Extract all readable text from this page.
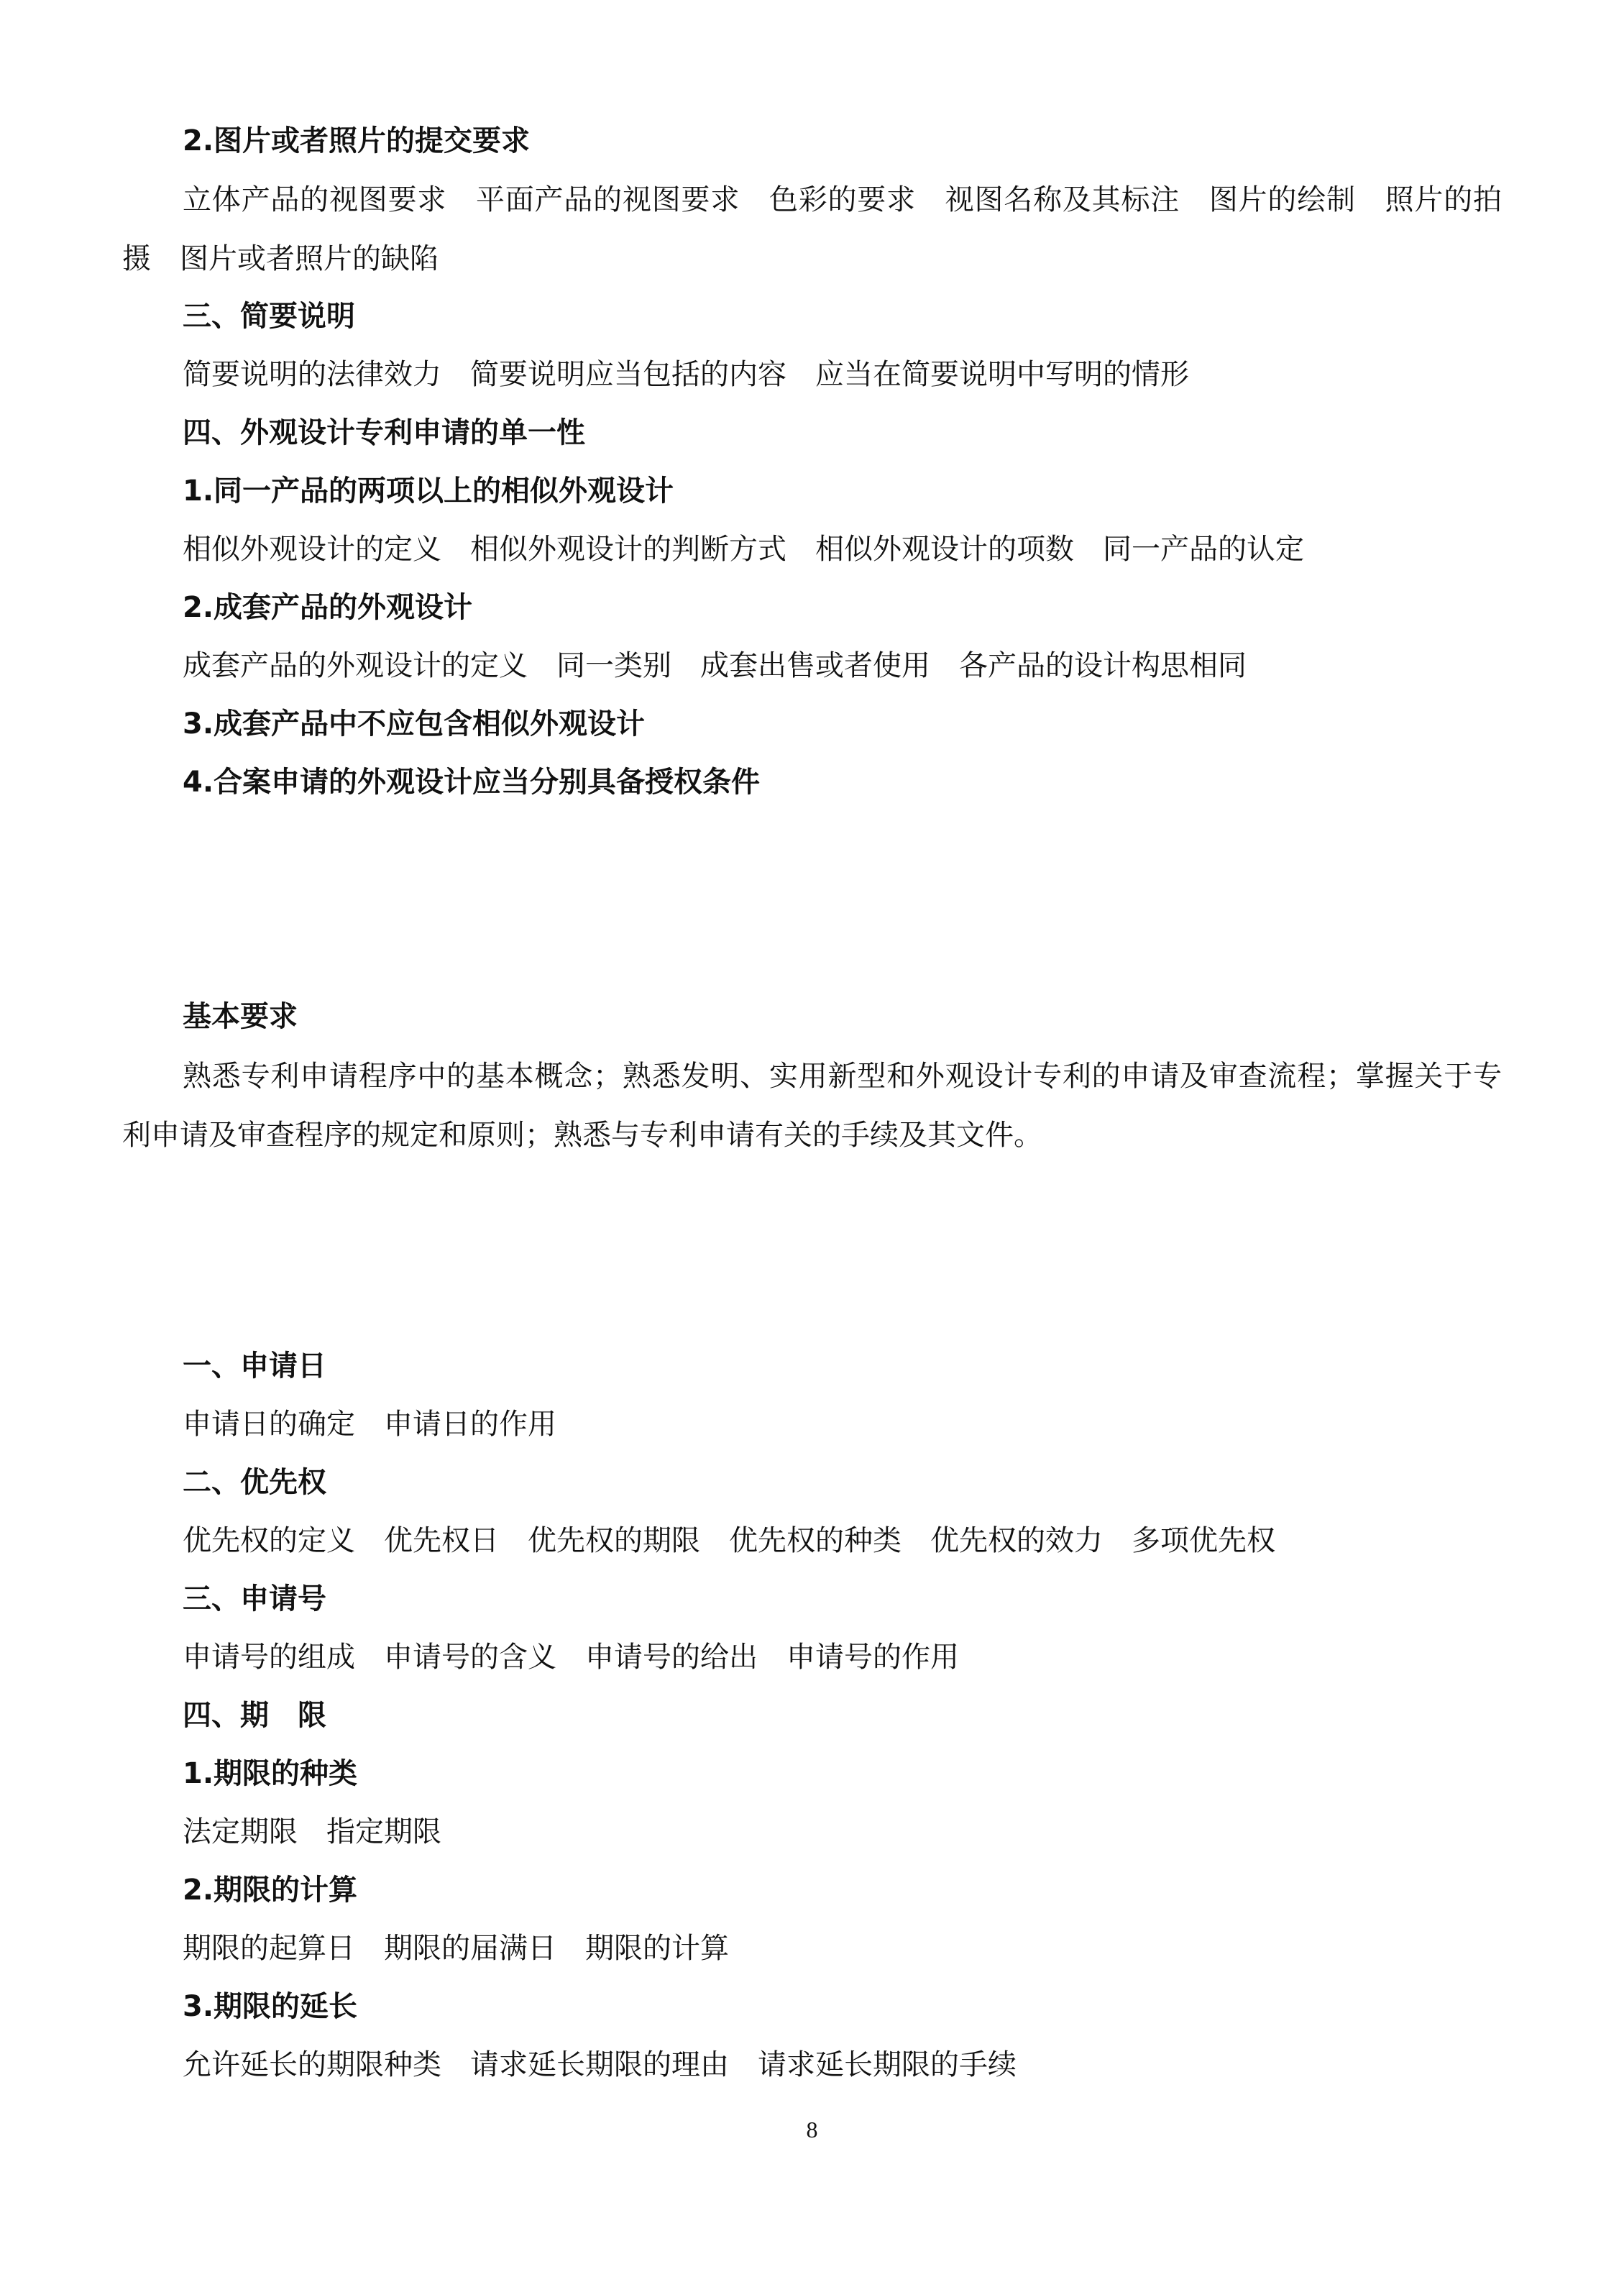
2.图片或者照片的提交要求
立体产品的视图要求　平面产品的视图要求　色彩的要求　视图名称及其标注　图片的绘制　照片的拍摄　图片或者照片的缺陷
三、简要说明
简要说明的法律效力　简要说明应当包括的内容　应当在简要说明中写明的情形
四、外观设计专利申请的单一性
1.同一产品的两项以上的相似外观设计
相似外观设计的定义　相似外观设计的判断方式　相似外观设计的项数　同一产品的认定
2.成套产品的外观设计
成套产品的外观设计的定义　同一类别　成套出售或者使用　各产品的设计构思相同
3.成套产品中不应包含相似外观设计
4.合案申请的外观设计应当分别具备授权条件
基本要求
熟悉专利申请程序中的基本概念；熟悉发明、实用新型和外观设计专利的申请及审查流程；掌握关于专利申请及审查程序的规定和原则；熟悉与专利申请有关的手续及其文件。
一、申请日
申请日的确定　申请日的作用
二、优先权
优先权的定义　优先权日　优先权的期限　优先权的种类　优先权的效力　多项优先权
三、申请号
申请号的组成　申请号的含义　申请号的给出　申请号的作用
四、期　限
1.期限的种类
法定期限　指定期限
2.期限的计算
期限的起算日　期限的届满日　期限的计算
3.期限的延长
允许延长的期限种类　请求延长期限的理由　请求延长期限的手续
8
